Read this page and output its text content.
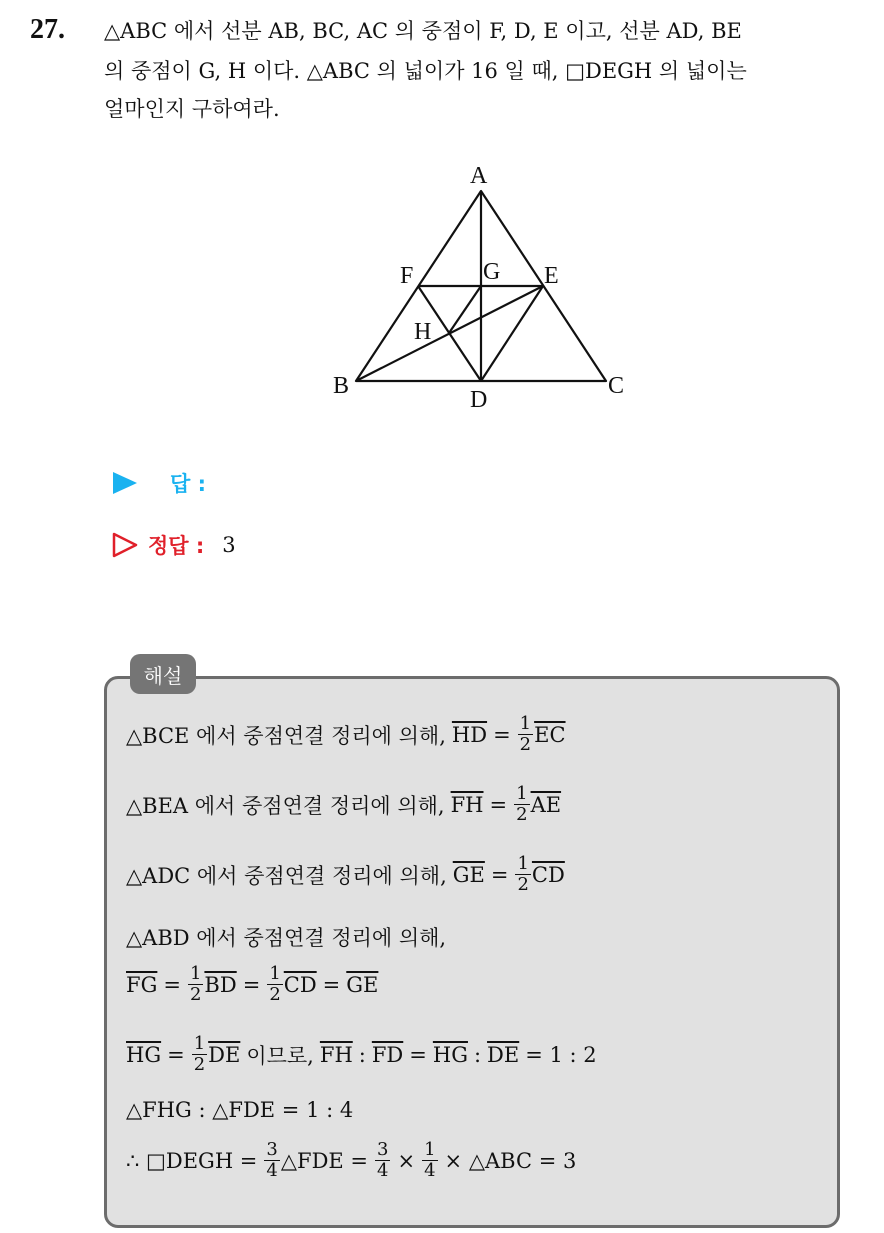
27. △ABC 에서 선분 AB, BC, AC 의 중점이 F, D, E 이고, 선분 AD, BE
의 중점이 G, H 이다. △ABC 의 넓이가 16 일 때, □DEGH 의 넓이는
얼마인지 구하여라.
A
F	G E
H
B
D
C
답 :
정답 : 3
해설
△BCE 에서 중점연결 정리에 의해, $\overline{HD} = \frac{1}{2} \overline{EC}$
△BEA 에서 중점연결 정리에 의해, $\overline{FH} = \frac{1}{2} \overline{AE}$
△ADC 에서 중점연결 정리에 의해, $\overline{GE} = \frac{1}{2} \overline{CD}$
△ABD 에서 중점연결 정리에 의해,
$\overline{FG} = \frac{1}{2} \overline{BD} = \frac{1}{2} \overline{CD} = \overline{GE}$
$\overline{HG} = \frac{1}{2} \overline{DE}$ 이므로, $\overline{FH}$ : $\overline{FD} = \overline{HG}$ : $\overline{DE} = 1$ : 2
△FHG : △FDE = 1 : 4
∴ □DEGH = $\frac{3}{4}$ △FDE = $\frac{3}{4} \times \frac{1}{4}$ × △ABC = 3
